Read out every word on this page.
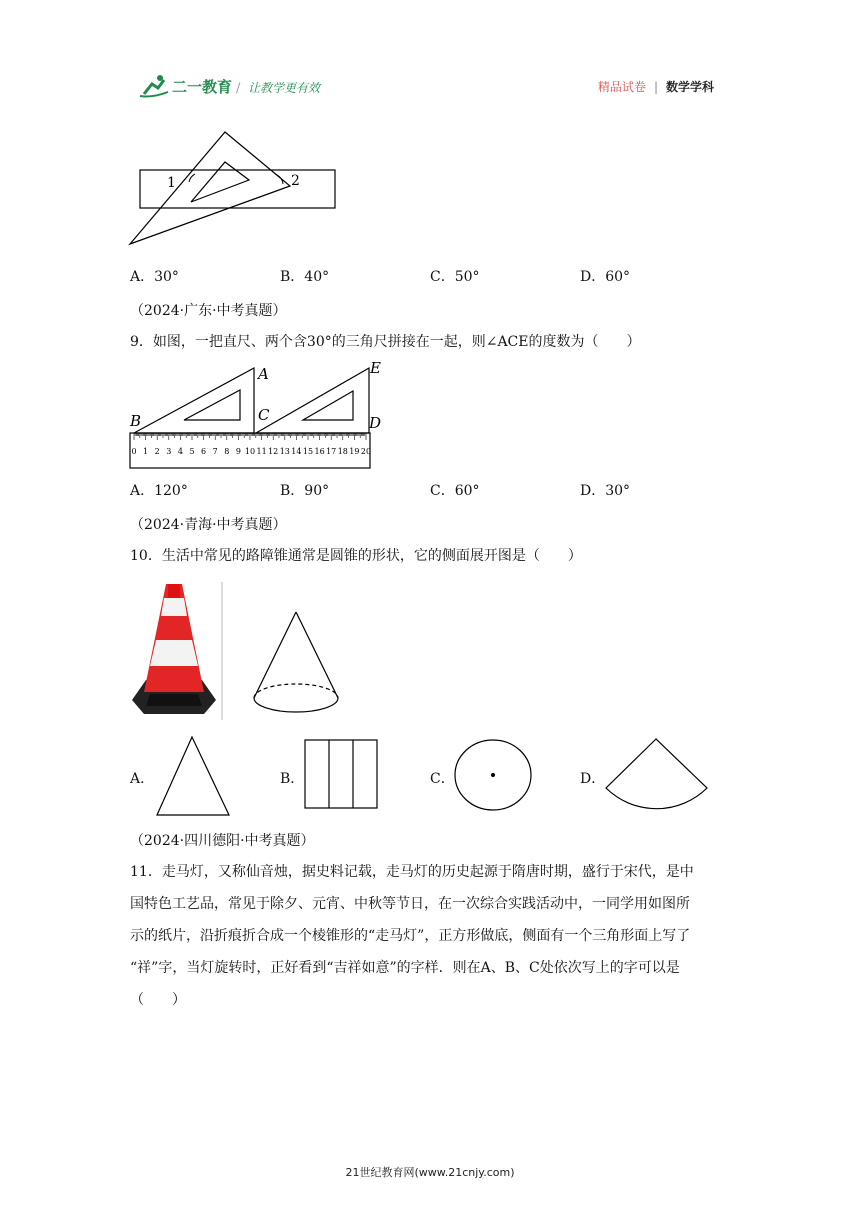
二一教育 / 让教学更有效	精品试卷 | 数学学科
1	2
A．30°	B．40°	C．50°	D．60°
（2024·广东·中考真题）
9．如图，一把直尺、两个含30°的三角尺拼接在一起，则∠ACE的度数为（　　）
0 1 2 3 4 5 6 7 8 9 10 11 12 13 14 15 16 17 18 19 20
B
A
C
E
D
A．120°	B．90°	C．60°	D．30°
（2024·青海·中考真题）
10．生活中常见的路障锥通常是圆锥的形状，它的侧面展开图是（　　）
A．	B．	C．	D．
（2024·四川德阳·中考真题）
11．走马灯，又称仙音烛，据史料记载，走马灯的历史起源于隋唐时期，盛行于宋代，是中
国特色工艺品，常见于除夕、元宵、中秋等节日，在一次综合实践活动中，一同学用如图所
示的纸片，沿折痕折合成一个棱锥形的“走马灯”，正方形做底，侧面有一个三角形面上写了
“祥”字，当灯旋转时，正好看到“吉祥如意”的字样．则在A、B、C处依次写上的字可以是
（　　）
21世纪教育网(www.21cnjy.com)
